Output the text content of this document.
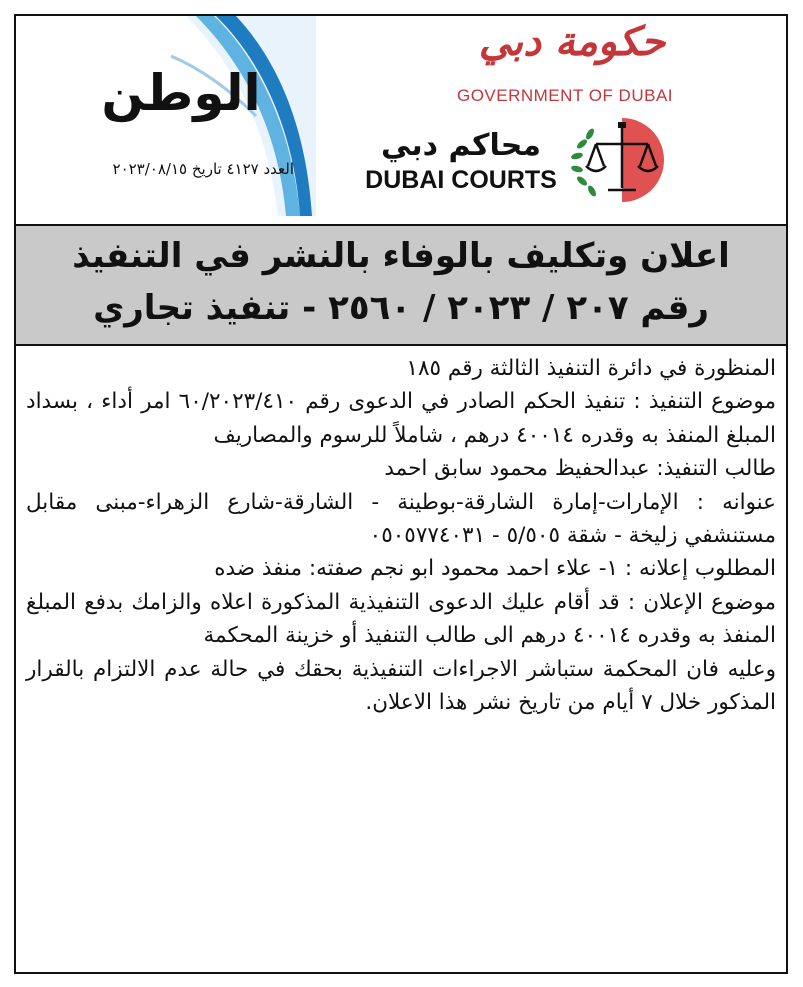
الوطن
العدد ٤١٢٧ تاريخ ٢٠٢٣/٠٨/١٥
حكومة دبي
GOVERNMENT OF DUBAI
محاكم دبي
DUBAI COURTS
اعلان وتكليف بالوفاء بالنشر في التنفيذ
رقم ٢٠٧ / ٢٠٢٣ / ٢٥٦٠ - تنفيذ تجاري

المنظورة في دائرة التنفيذ الثالثة رقم ١٨٥

موضوع التنفيذ : تنفيذ الحكم الصادر في الدعوى رقم ٦٠/٢٠٢٣/٤١٠ امر أداء ، بسداد المبلغ المنفذ به وقدره ٤٠٠١٤ درهم ، شاملاً للرسوم والمصاريف

طالب التنفيذ: عبدالحفيظ محمود سابق احمد

عنوانه : الإمارات-إمارة الشارقة-بوطينة - الشارقة-شارع الزهراء-مبنى مقابل مستنشفي زليخة - شقة ٥/٥٠٥ - ٠٥٠٥٧٧٤٠٣١

المطلوب إعلانه : ١- علاء احمد محمود ابو نجم صفته: منفذ ضده

موضوع الإعلان : قد أقام عليك الدعوى التنفيذية المذكورة اعلاه والزامك بدفع المبلغ المنفذ به وقدره ٤٠٠١٤ درهم الى طالب التنفيذ أو خزينة المحكمة

وعليه فان المحكمة ستباشر الاجراءات التنفيذية بحقك في حالة عدم الالتزام بالقرار المذكور خلال ٧ أيام من تاريخ نشر هذا الاعلان.
